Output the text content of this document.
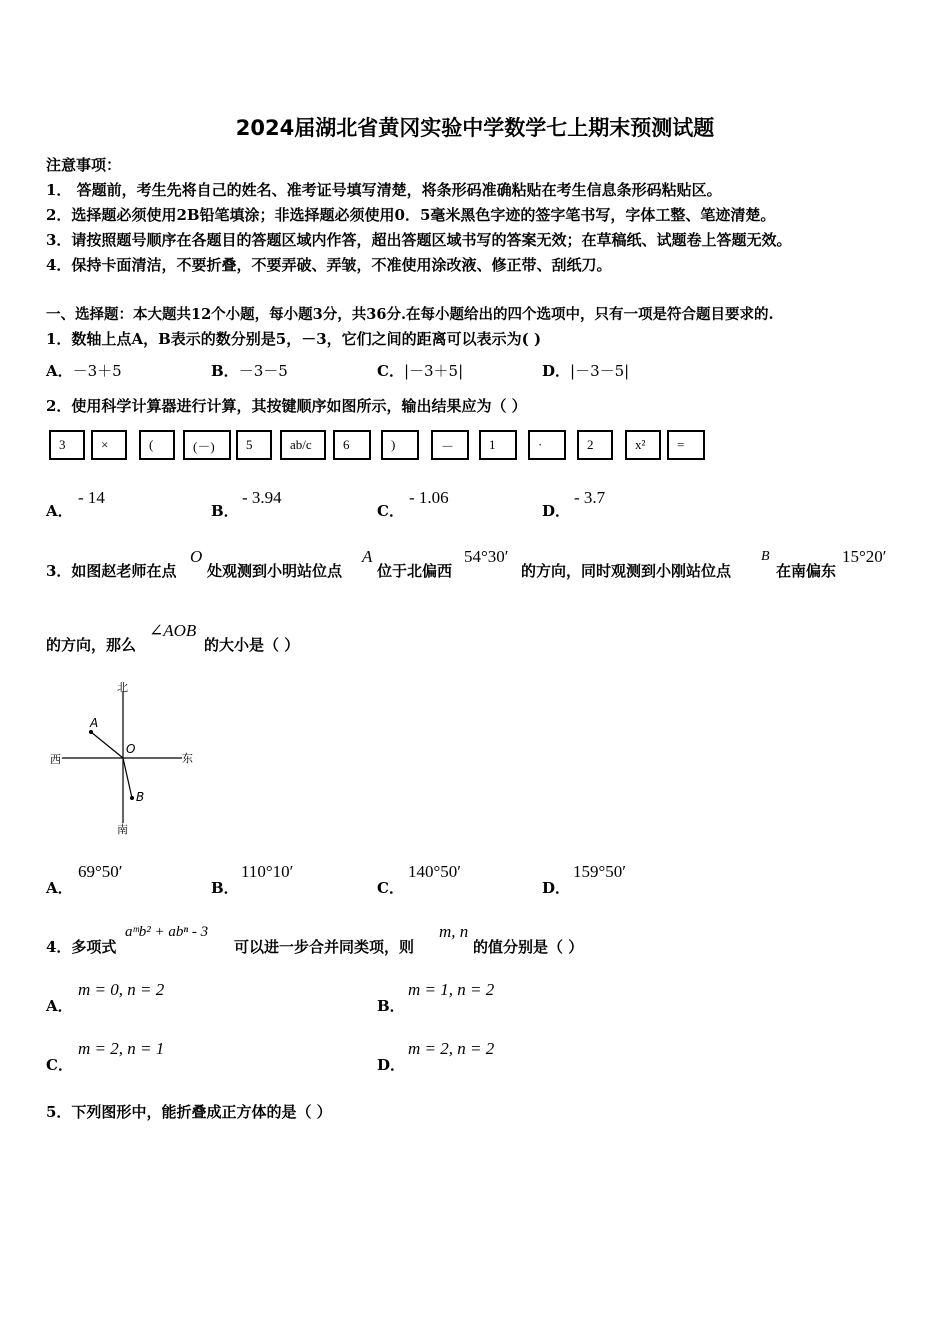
2024届湖北省黄冈实验中学数学七上期末预测试题
注意事项：
1． 答题前，考生先将自己的姓名、准考证号填写清楚，将条形码准确粘贴在考生信息条形码粘贴区。
2．选择题必须使用2B铅笔填涂；非选择题必须使用0．5毫米黑色字迹的签字笔书写，字体工整、笔迹清楚。
3．请按照题号顺序在各题目的答题区域内作答，超出答题区域书写的答案无效；在草稿纸、试题卷上答题无效。
4．保持卡面清洁，不要折叠，不要弄破、弄皱，不准使用涂改液、修正带、刮纸刀。
一、选择题：本大题共12个小题，每小题3分，共36分.在每小题给出的四个选项中，只有一项是符合题目要求的.
1．数轴上点A，B表示的数分别是5，－3，它们之间的距离可以表示为( )
A．－3＋5	B．－3－5	C．|－3＋5|	D．|－3－5|
2．使用科学计算器进行计算，其按键顺序如图所示，输出结果应为（ ）
3	×	(	(－)	5	ab/c	6	)	－	1	·	2	x²	=
A．
- 14
B．
- 3.94
C．
- 1.06
D．
- 3.7
3．如图赵老师在点
O
处观测到小明站位点
A
位于北偏西
54°30′
的方向，同时观测到小刚站位点
B
在南偏东
15°20′
的方向，那么
∠AOB
的大小是（ ）
北
南
东
西
A
O
B
A．
69°50′
B．
110°10′
C．
140°50′
D．
159°50′
4．多项式
aᵐb² + abⁿ - 3
可以进一步合并同类项，则
m, n
的值分别是（ ）
A．
m = 0, n = 2
B．
m = 1, n = 2
C．
m = 2, n = 1
D．
m = 2, n = 2
5．下列图形中，能折叠成正方体的是（ ）
